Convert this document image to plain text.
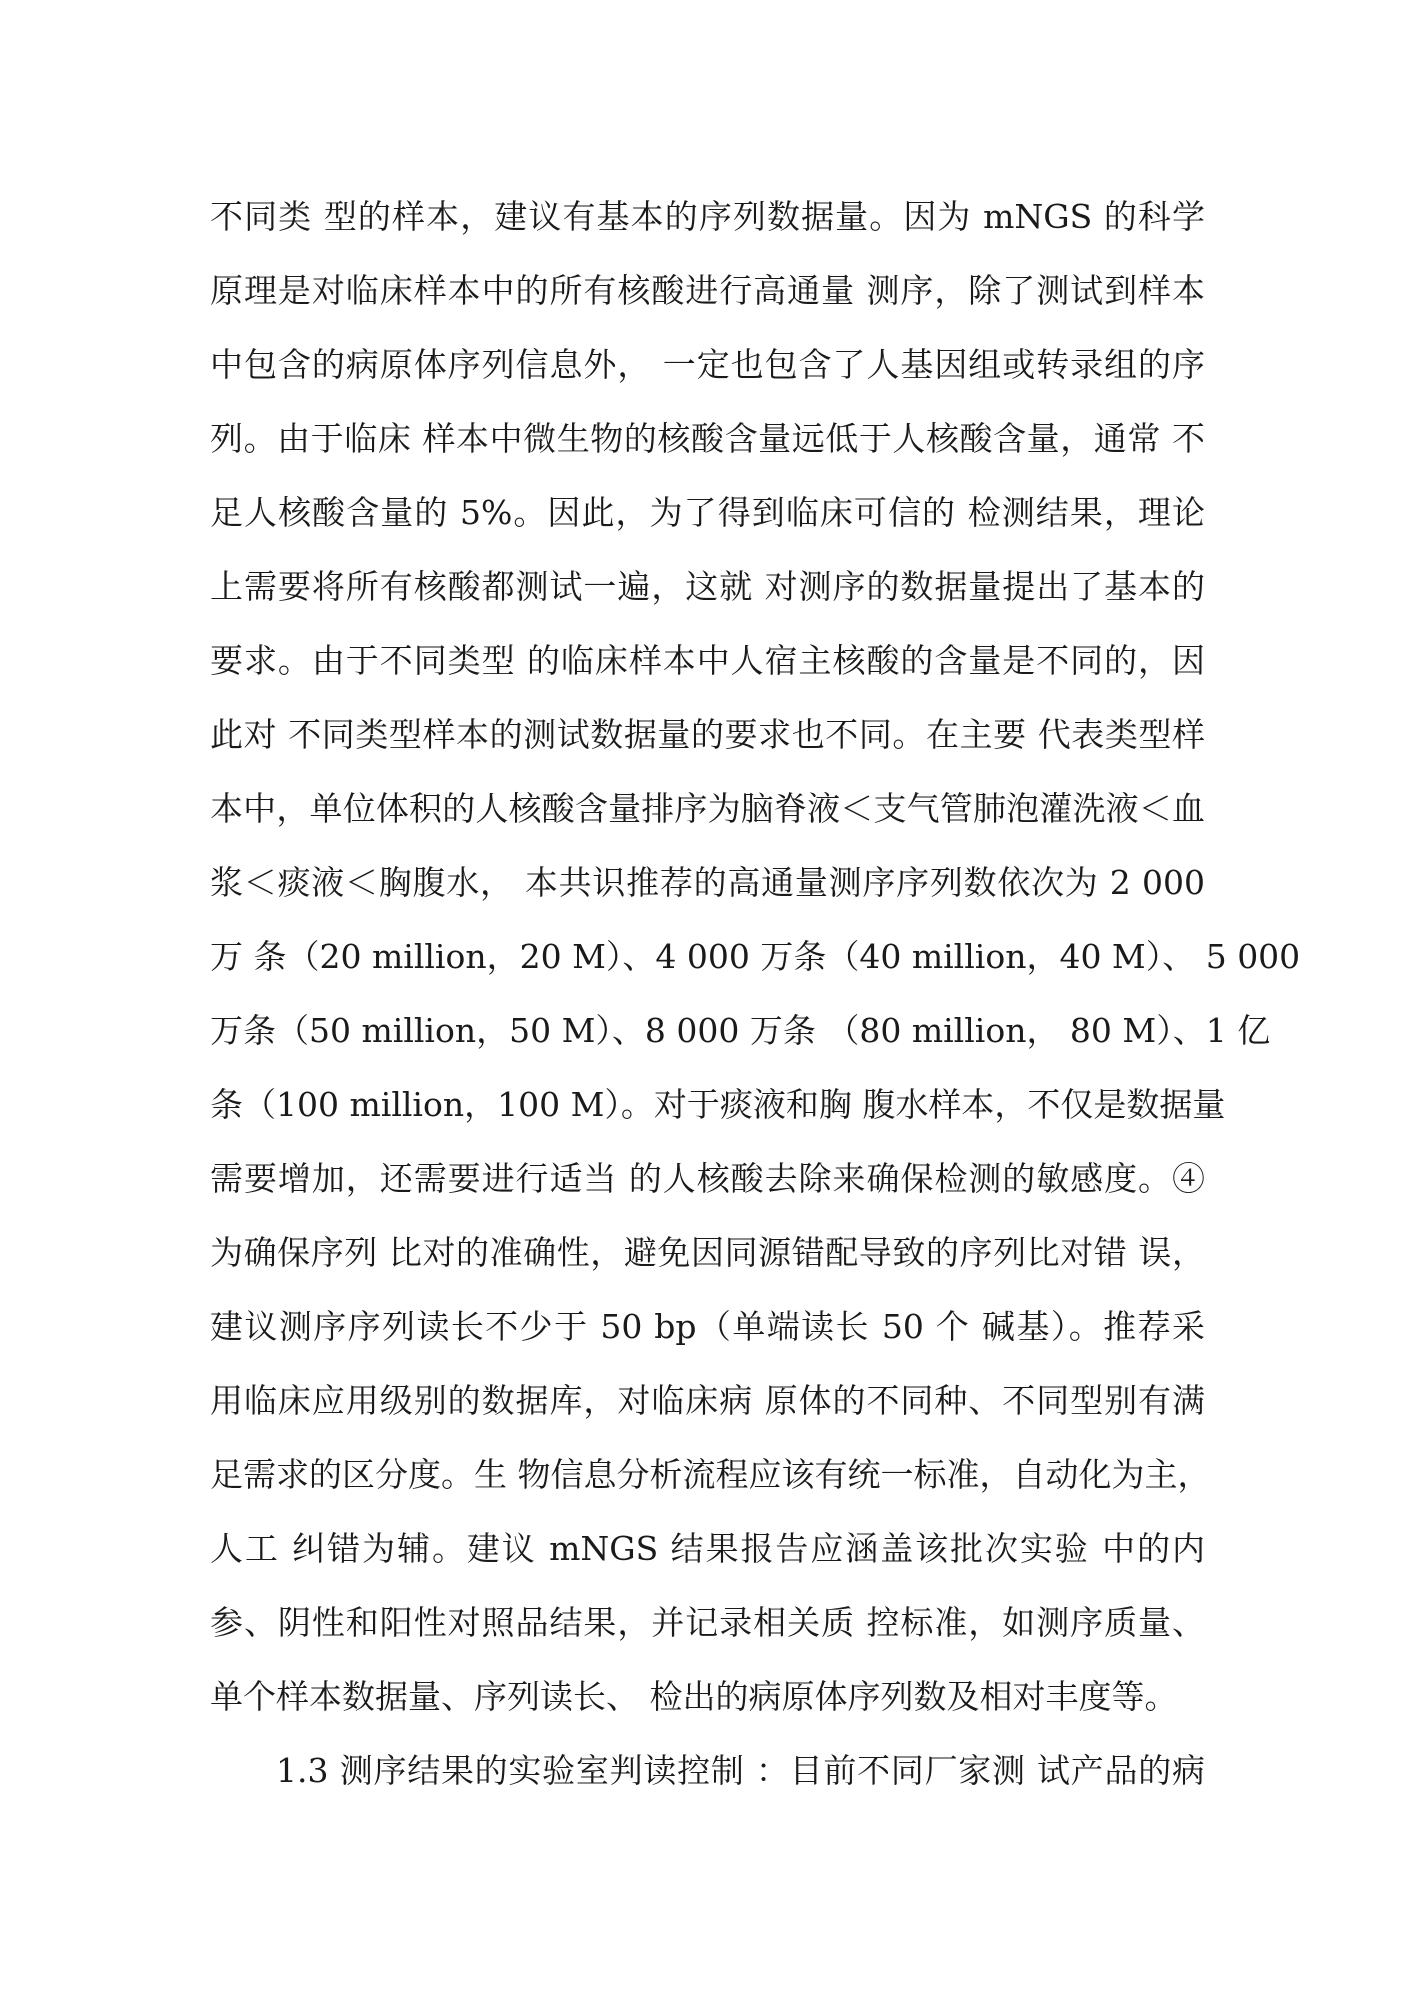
不同类 型的样本，建议有基本的序列数据量。因为 mNGS 的科学
原理是对临床样本中的所有核酸进行高通量 测序，除了测试到样本
中包含的病原体序列信息外， 一定也包含了人基因组或转录组的序
列。由于临床 样本中微生物的核酸含量远低于人核酸含量，通常 不
足人核酸含量的 5%。因此，为了得到临床可信的 检测结果，理论
上需要将所有核酸都测试一遍，这就 对测序的数据量提出了基本的
要求。由于不同类型 的临床样本中人宿主核酸的含量是不同的，因
此对 不同类型样本的测试数据量的要求也不同。在主要 代表类型样
本中，单位体积的人核酸含量排序为脑脊液＜支气管肺泡灌洗液＜血
浆＜痰液＜胸腹水， 本共识推荐的高通量测序序列数依次为 2 000
万 条（20 million，20 M）、4 000 万条（40 million，40 M）、 5 000
万条（50 million，50 M）、8 000 万条 （80 million， 80 M）、1 亿
条（100 million，100 M）。对于痰液和胸 腹水样本，不仅是数据量
需要增加，还需要进行适当 的人核酸去除来确保检测的敏感度。④
为确保序列 比对的准确性，避免因同源错配导致的序列比对错 误，
建议测序序列读长不少于 50 bp（单端读长 50 个 碱基）。推荐采
用临床应用级别的数据库，对临床病 原体的不同种、不同型别有满
足需求的区分度。生 物信息分析流程应该有统一标准，自动化为主，
人工 纠错为辅。建议 mNGS 结果报告应涵盖该批次实验 中的内
参、阴性和阳性对照品结果，并记录相关质 控标准，如测序质量、
单个样本数据量、序列读长、 检出的病原体序列数及相对丰度等。
1.3 测序结果的实验室判读控制 ：目前不同厂家测 试产品的病
